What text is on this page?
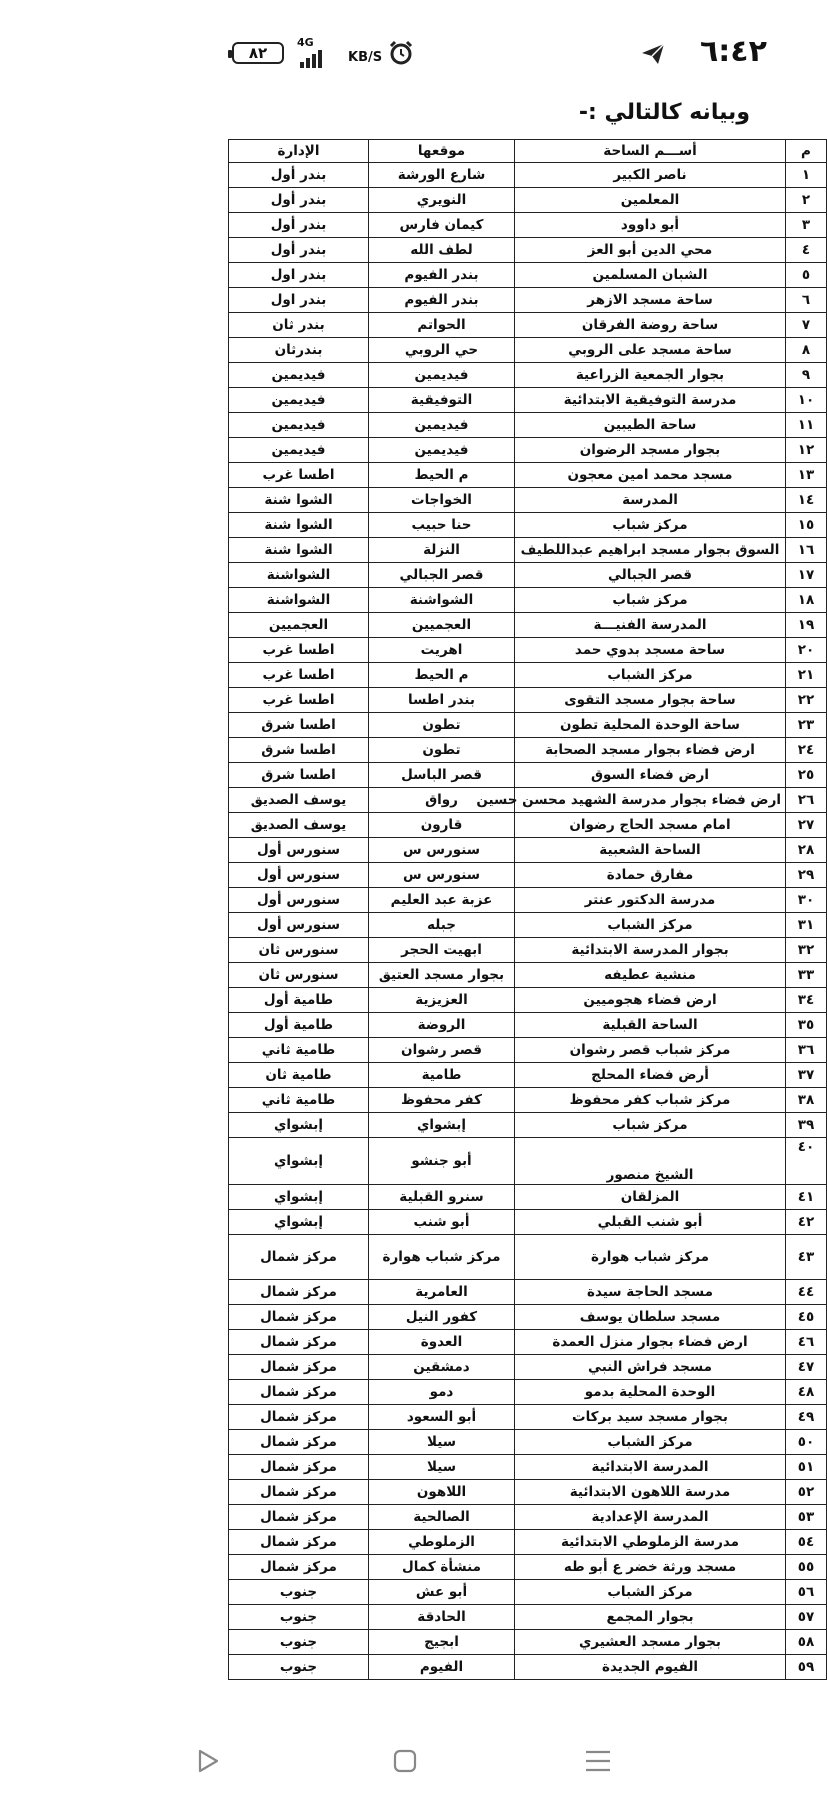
٨٢
4G
KB/S	٦:٤٢
وبيانه كالتالي :-
م	أســـم الساحة	موقعها	الإدارة
١	ناصر الكبير	شارع الورشة	بندر أول
٢	المعلمين	النويري	بندر أول
٣	أبو داوود	كيمان فارس	بندر أول
٤	محي الدين أبو العز	لطف الله	بندر أول
٥	الشبان المسلمين	بندر الفيوم	بندر اول
٦	ساحة مسجد الازهر	بندر الفيوم	بندر اول
٧	ساحة روضة الفرقان	الحواتم	بندر ثان
٨	ساحة مسجد على الروبي	حي الروبي	بندرثان
٩	بجوار الجمعية الزراعية	فيديمين	فيديمين
١٠	مدرسة التوفيقية الابتدائية	التوفيقية	فيديمين
١١	ساحة الطيبين	فيديمين	فيديمين
١٢	بجوار مسجد الرضوان	فيديمين	فيديمين
١٣	مسجد محمد امين معجون	م الحيط	اطسا غرب
١٤	المدرسة	الخواجات	الشوا شنة
١٥	مركز شباب	حنا حبيب	الشوا شنة
١٦	السوق بجوار مسجد ابراهيم عبداللطيف	النزلة	الشوا شنة
١٧	قصر الجبالي	قصر الجبالي	الشواشنة
١٨	مركز شباب	الشواشنة	الشواشنة
١٩	المدرسة الفنيـــة	العجميين	العجميين
٢٠	ساحة مسجد بدوي حمد	اهريت	اطسا غرب
٢١	مركز الشباب	م الحيط	اطسا غرب
٢٢	ساحة بجوار مسجد التقوى	بندر اطسا	اطسا غرب
٢٣	ساحة الوحدة المحلية تطون	تطون	اطسا شرق
٢٤	ارض فضاء بجوار مسجد الصحابة	تطون	اطسا شرق
٢٥	ارض فضاء السوق	قصر الباسل	اطسا شرق
٢٦	ارض فضاء بجوار مدرسة الشهيد محسن حسين	رواق	يوسف الصديق
٢٧	امام مسجد الحاج رضوان	قارون	يوسف الصديق
٢٨	الساحة الشعبية	سنورس س	سنورس أول
٢٩	مفارق حمادة	سنورس س	سنورس أول
٣٠	مدرسة الدكتور عنتر	عزبة عبد العليم	سنورس أول
٣١	مركز الشباب	جبله	سنورس أول
٣٢	بجوار المدرسة الابتدائية	ابهيت الحجر	سنورس ثان
٣٣	منشية عطيفه	بجوار مسجد العتيق	سنورس ثان
٣٤	ارض فضاء هجوميين	العزيزية	طامية أول
٣٥	الساحة القبلية	الروضة	طامية أول
٣٦	مركز شباب قصر رشوان	قصر رشوان	طامية ثاني
٣٧	أرض فضاء المحلج	طامية	طامية ثان
٣٨	مركز شباب كفر محفوظ	كفر محفوظ	طامية ثاني
٣٩	مركز شباب	إبشواي	إبشواي
٤٠	الشيخ منصور	أبو جنشو	إبشواي
٤١	المزلقان	سنرو القبلية	إبشواي
٤٢	أبو شنب القبلي	أبو شنب	إبشواي
٤٣	مركز شباب هوارة	مركز شباب هوارة	مركز شمال
٤٤	مسجد الحاجة سيدة	العامرية	مركز شمال
٤٥	مسجد سلطان يوسف	كفور النيل	مركز شمال
٤٦	ارض فضاء بجوار منزل العمدة	العدوة	مركز شمال
٤٧	مسجد فراش النبي	دمشقين	مركز شمال
٤٨	الوحدة المحلية بدمو	دمو	مركز شمال
٤٩	بجوار مسجد سيد بركات	أبو السعود	مركز شمال
٥٠	مركز الشباب	سيلا	مركز شمال
٥١	المدرسة الابتدائية	سيلا	مركز شمال
٥٢	مدرسة اللاهون الابتدائية	اللاهون	مركز شمال
٥٣	المدرسة الإعدادية	الصالحية	مركز شمال
٥٤	مدرسة الزملوطي الابتدائية	الزملوطي	مركز شمال
٥٥	مسجد ورثة خضر ع أبو طه	منشأة كمال	مركز شمال
٥٦	مركز الشباب	أبو عش	جنوب
٥٧	بجوار المجمع	الحادقة	جنوب
٥٨	بجوار مسجد العشيري	ابجيج	جنوب
٥٩	الفيوم الجديدة	الفيوم	جنوب
